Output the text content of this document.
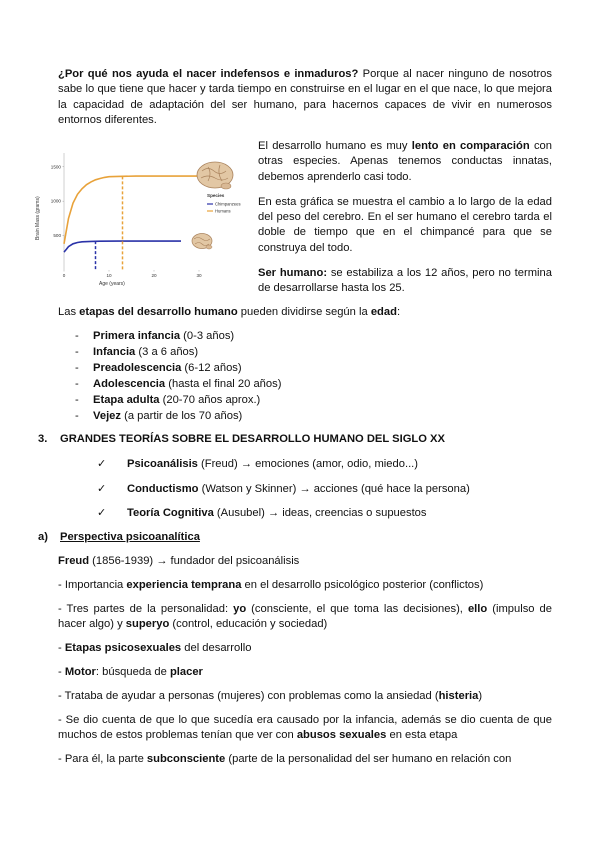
¿Por qué nos ayuda el nacer indefensos e inmaduros? Porque al nacer ninguno de nosotros sabe lo que tiene que hacer y tarda tiempo en construirse en el lugar en el que nace, lo que mejora la capacidad de adaptación del ser humano, para hacernos capaces de vivir en numerosos entornos diferentes.

500
1000
1500
0	10	20	30
Brain Mass (grams)
Age (years)
Species
Chimpanzees
Humans

El desarrollo humano es muy lento en comparación con otras especies. Apenas tenemos conductas innatas, debemos aprenderlo casi todo.

En esta gráfica se muestra el cambio a lo largo de la edad del peso del cerebro. En el ser humano el cerebro tarda el doble de tiempo que en el chimpancé para que se construya del todo.

Ser humano: se estabiliza a los 12 años, pero no termina de desarrollarse hasta los 25.

Las etapas del desarrollo humano pueden dividirse según la edad:

- Primera infancia (0-3 años)
- Infancia (3 a 6 años)
- Preadolescencia (6-12 años)
- Adolescencia (hasta el final 20 años)
- Etapa adulta (20-70 años aprox.)
- Vejez (a partir de los 70 años)
3. GRANDES TEORÍAS SOBRE EL DESARROLLO HUMANO DEL SIGLO XX
✓ Psicoanálisis (Freud) → emociones (amor, odio, miedo...)
✓ Conductismo (Watson y Skinner) → acciones (qué hace la persona)
✓ Teoría Cognitiva (Ausubel) → ideas, creencias o supuestos
a) Perspectiva psicoanalítica

Freud (1856-1939) → fundador del psicoanálisis

- Importancia experiencia temprana en el desarrollo psicológico posterior (conflictos)

- Tres partes de la personalidad: yo (consciente, el que toma las decisiones), ello (impulso de hacer algo) y superyo (control, educación y sociedad)

- Etapas psicosexuales del desarrollo

- Motor: búsqueda de placer

- Trataba de ayudar a personas (mujeres) con problemas como la ansiedad (histeria)

- Se dio cuenta de que lo que sucedía era causado por la infancia, además se dio cuenta de que muchos de estos problemas tenían que ver con abusos sexuales en esta etapa

- Para él, la parte subconsciente (parte de la personalidad del ser humano en relación con
